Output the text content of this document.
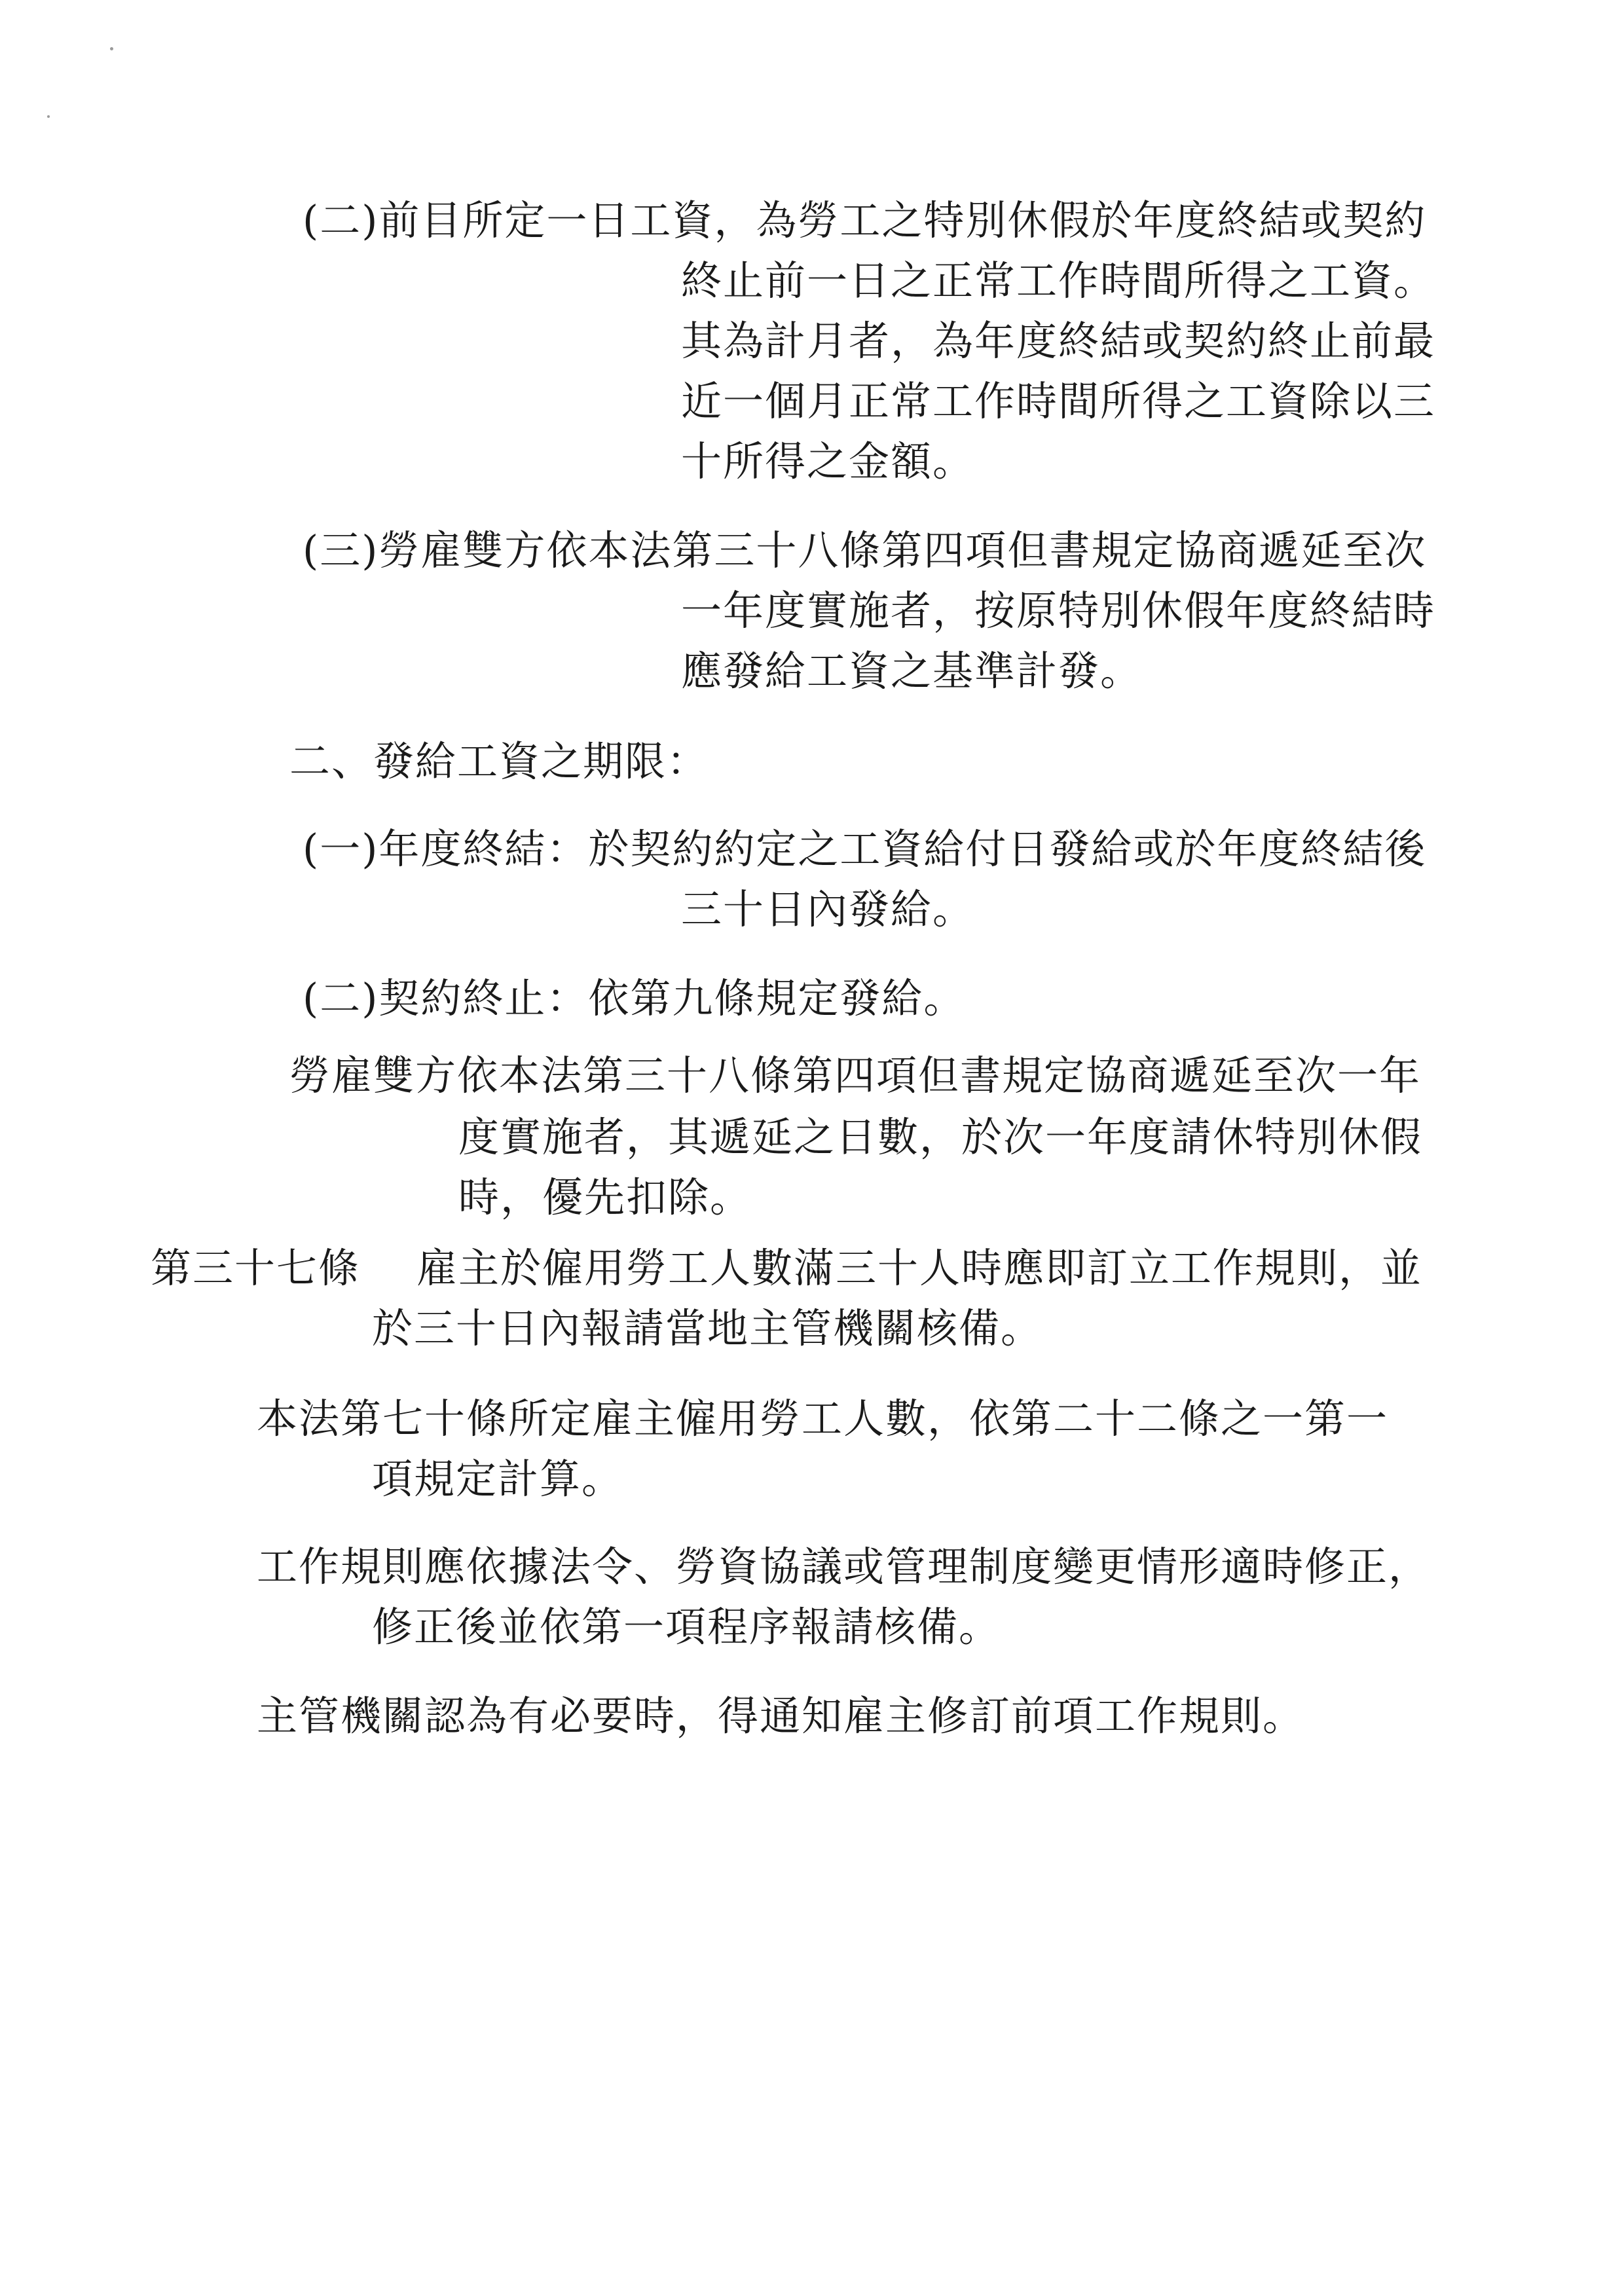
(二)前目所定一日工資，為勞工之特別休假於年度終結或契約
終止前一日之正常工作時間所得之工資。
其為計月者，為年度終結或契約終止前最
近一個月正常工作時間所得之工資除以三
十所得之金額。
(三)勞雇雙方依本法第三十八條第四項但書規定協商遞延至次
一年度實施者，按原特別休假年度終結時
應發給工資之基準計發。
二、發給工資之期限：
(一)年度終結：於契約約定之工資給付日發給或於年度終結後
三十日內發給。
(二)契約終止：依第九條規定發給。
勞雇雙方依本法第三十八條第四項但書規定協商遞延至次一年
度實施者，其遞延之日數，於次一年度請休特別休假
時，優先扣除。
第三十七條 雇主於僱用勞工人數滿三十人時應即訂立工作規則，並
於三十日內報請當地主管機關核備。
本法第七十條所定雇主僱用勞工人數，依第二十二條之一第一
項規定計算。
工作規則應依據法令、勞資協議或管理制度變更情形適時修正，
修正後並依第一項程序報請核備。
主管機關認為有必要時，得通知雇主修訂前項工作規則。
